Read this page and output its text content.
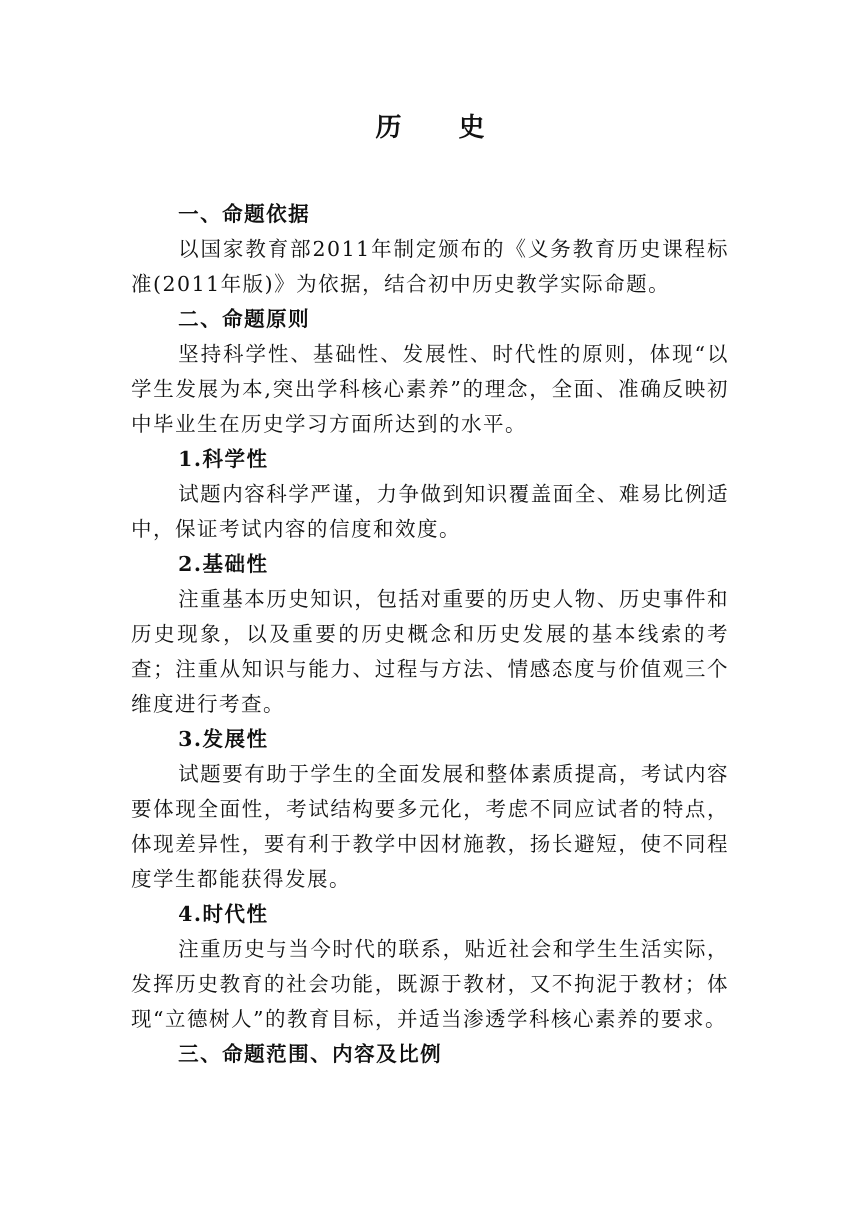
历 史

一、命题依据

以国家教育部2011年制定颁布的《义务教育历史课程标准(2011年版)》为依据，结合初中历史教学实际命题。

二、命题原则

坚持科学性、基础性、发展性、时代性的原则，体现“以学生发展为本,突出学科核心素养”的理念，全面、准确反映初中毕业生在历史学习方面所达到的水平。

1.科学性

试题内容科学严谨，力争做到知识覆盖面全、难易比例适中，保证考试内容的信度和效度。

2.基础性

注重基本历史知识，包括对重要的历史人物、历史事件和历史现象，以及重要的历史概念和历史发展的基本线索的考查；注重从知识与能力、过程与方法、情感态度与价值观三个维度进行考查。

3.发展性

试题要有助于学生的全面发展和整体素质提高，考试内容要体现全面性，考试结构要多元化，考虑不同应试者的特点，体现差异性，要有利于教学中因材施教，扬长避短，使不同程度学生都能获得发展。

4.时代性

注重历史与当今时代的联系，贴近社会和学生生活实际，发挥历史教育的社会功能，既源于教材，又不拘泥于教材；体现“立德树人”的教育目标，并适当渗透学科核心素养的要求。

三、命题范围、内容及比例
